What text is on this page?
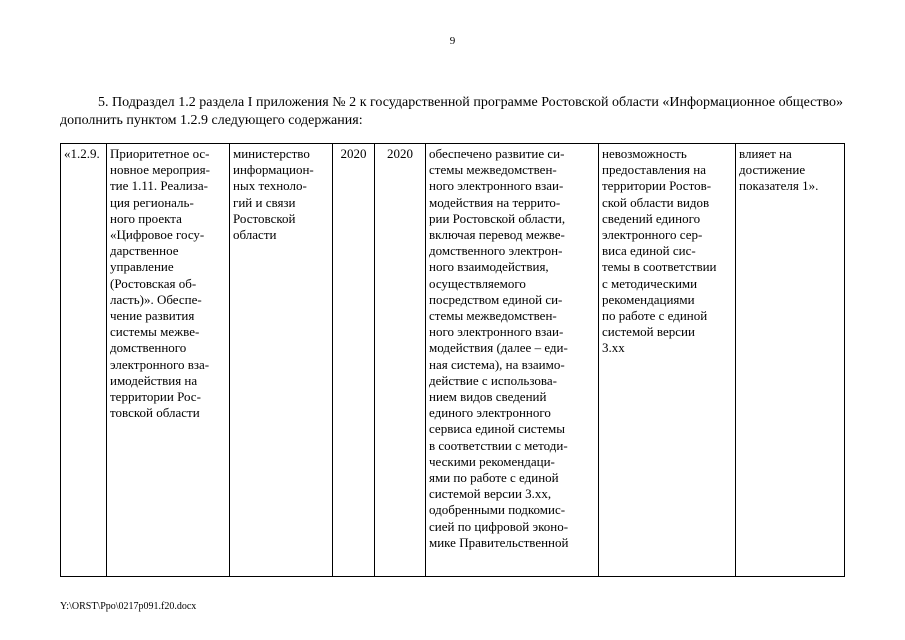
9

5. Подраздел 1.2 раздела I приложения № 2 к государственной программе Ростовской области «Информационное общество» дополнить пунктом 1.2.9 следующего содержания:

«1.2.9.	Приоритетное ос-
новное мероприя-
тие 1.11. Реализа-
ция региональ-
ного проекта
«Цифровое госу-
дарственное
управление
(Ростовская об-
ласть)». Обеспе-
чение развития
системы межве-
домственного
электронного вза-
имодействия на
территории Рос-
товской области	министерство
информацион-
ных техноло-
гий и связи
Ростовской
области	2020	2020	обеспечено развитие си-
стемы межведомствен-
ного электронного взаи-
модействия на террито-
рии Ростовской области,
включая перевод межве-
домственного электрон-
ного взаимодействия,
осуществляемого
посредством единой си-
стемы межведомствен-
ного электронного взаи-
модействия (далее – еди-
ная система), на взаимо-
действие с использова-
нием видов сведений
единого электронного
сервиса единой системы
в соответствии с методи-
ческими рекомендаци-
ями по работе с единой
системой версии 3.хх,
одобренными подкомис-
сией по цифровой эконо-
мике Правительственной	невозможность
предоставления на
территории Ростов-
ской области видов
сведений единого
электронного сер-
виса единой сис-
темы в соответствии
с методическими
рекомендациями
по работе с единой
системой версии
3.хх	влияет на
достижение
показателя 1».
Y:\ORST\Ppo\0217p091.f20.docx
